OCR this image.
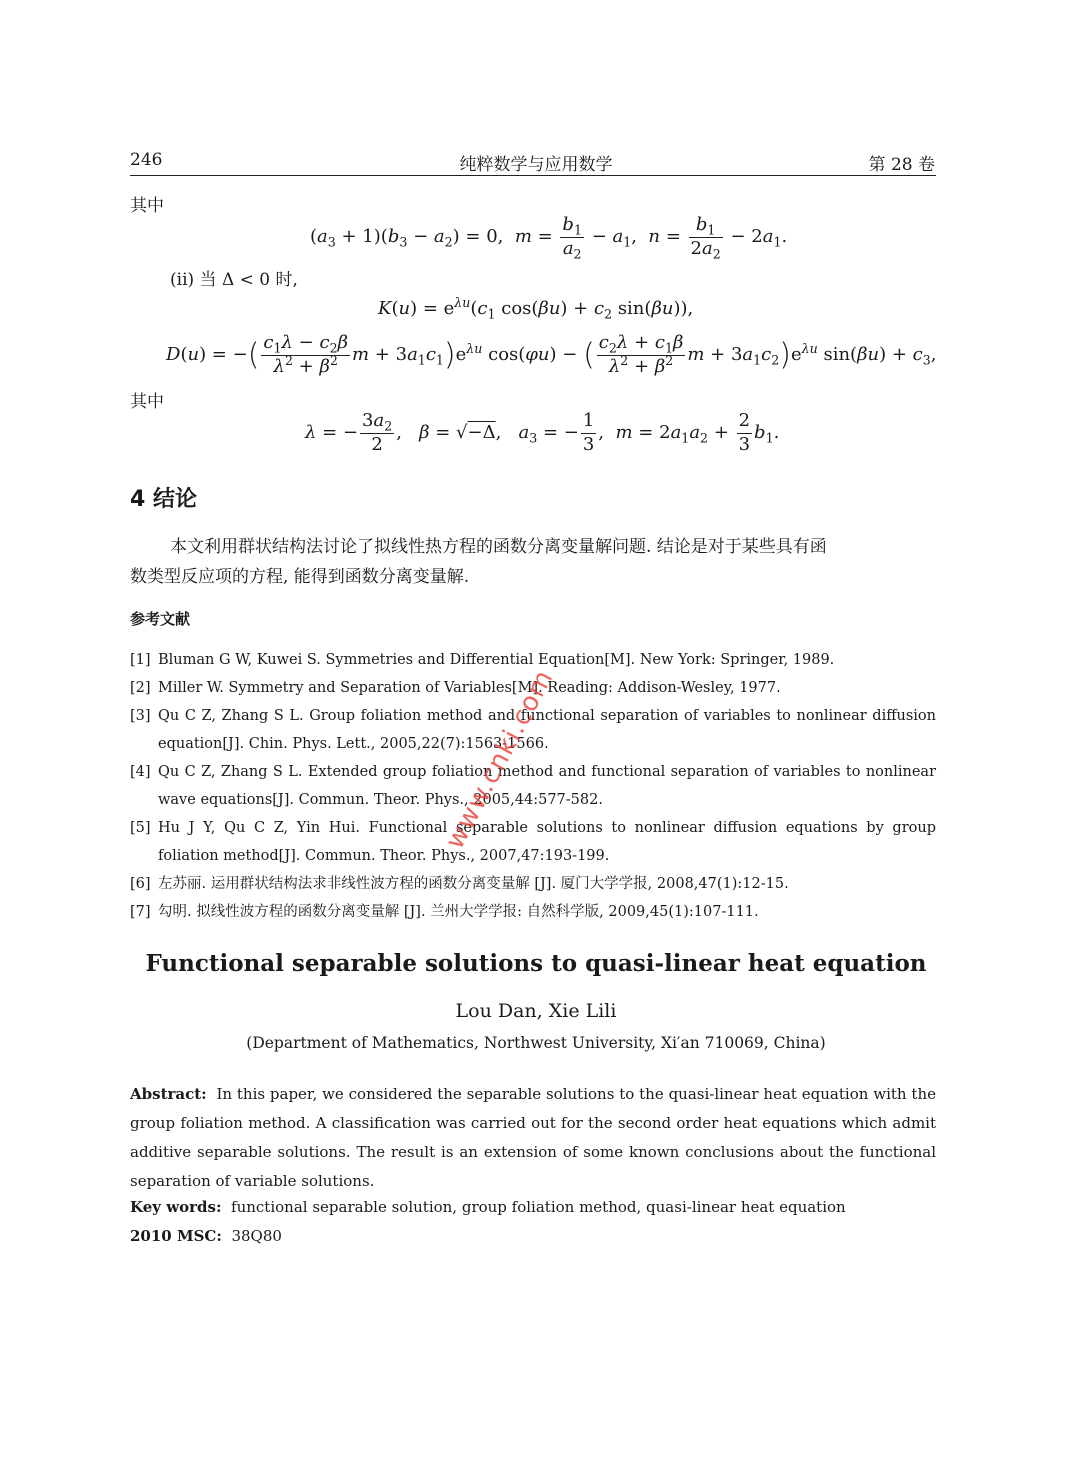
246	纯粹数学与应用数学	第 28 卷
其中
$(a_3 + 1)(b_3 - a_2) = 0$,  $m = \frac{b_1}{a_2} - a_1$,  $n = \frac{b_1}{2a_2} - 2a_1$.
(ii) 当 Δ < 0 时,
$K(u) = e^{\lambda u}(c_1$ $\cos(\beta u) + c_2$ sin(βu)),
D(u) = −( $\frac{c_1\lambda - c_2\beta}{\lambda^2 + \beta^2}$ $m + 3a_1c_1)e^{\lambda u}$ cos(φu) − ( $\frac{c_2\lambda + c_1\beta}{\lambda^2 + \beta^2}$ $m + 3a_1c_2)e^{\lambda u}$ $\sin(\beta u) + c_3$,
其中
λ = − $\frac{3a_2}{2}$ ,   β = √−Δ,   $a_3$ = − $\frac{1}{3}$ ,  $m = 2a_1a_2 + \frac{2}{3} b_1$.
4 结论
本文利用群状结构法讨论了拟线性热方程的函数分离变量解问题. 结论是对于某些具有函
数类型反应项的方程, 能得到函数分离变量解.
参考文献
[1] Bluman G W, Kuwei S. Symmetries and Differential Equation[M]. New York: Springer, 1989.
[2] Miller W. Symmetry and Separation of Variables[M]. Reading: Addison-Wesley, 1977.
[3] Qu C Z, Zhang S L. Group foliation method and functional separation of variables to nonlinear diffusion equation[J]. Chin. Phys. Lett., 2005,22(7):1563-1566.
[4] Qu C Z, Zhang S L. Extended group foliation method and functional separation of variables to nonlinear wave equations[J]. Commun. Theor. Phys., 2005,44:577-582.
[5] Hu J Y, Qu C Z, Yin Hui. Functional separable solutions to nonlinear diffusion equations by group foliation method[J]. Commun. Theor. Phys., 2007,47:193-199.
[6] 左苏丽. 运用群状结构法求非线性波方程的函数分离变量解 [J]. 厦门大学学报, 2008,47(1):12-15.
[7] 勾明. 拟线性波方程的函数分离变量解 [J]. 兰州大学学报: 自然科学版, 2009,45(1):107-111.
Functional separable solutions to quasi-linear heat equation
Lou Dan, Xie Lili
(Department of Mathematics, Northwest University, Xi′an 710069, China)
Abstract: In this paper, we considered the separable solutions to the quasi-linear heat equation with the group foliation method. A classification was carried out for the second order heat equations which admit additive separable solutions. The result is an extension of some known conclusions about the functional separation of variable solutions.
Key words: functional separable solution, group foliation method, quasi-linear heat equation
2010 MSC: 38Q80
www.cnki.com
